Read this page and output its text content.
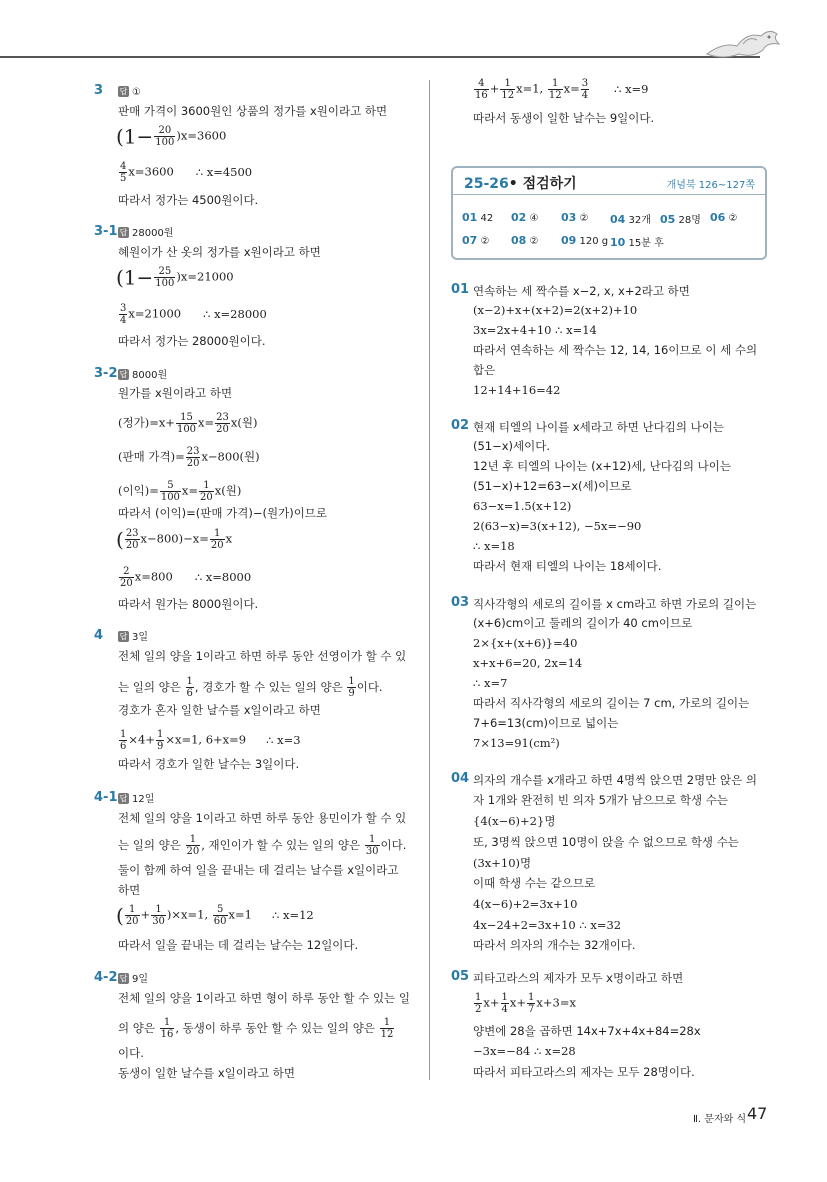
3 답 ①
판매 가격이 3600원인 상품의 정가를 x원이라고 하면
$(1- \frac{20}{100} )x=3600$
$\frac{4}{5} x=3600$ ∴ x=4500
따라서 정가는 4500원이다.
3-1 답 28000원
혜원이가 산 옷의 정가를 x원이라고 하면
$(1- \frac{25}{100} )x=21000$
$\frac{3}{4} x=21000$ ∴ x=28000
따라서 정가는 28000원이다.
3-2 답 8000원
원가를 x원이라고 하면
(정가)$=x+ \frac{15}{100} x= \frac{23}{20} x$(원)
(판매 가격)= $\frac{23}{20} x-800$(원)
(이익)= $\frac{5}{100} x= \frac{1}{20} x$(원)
따라서 (이익)=(판매 가격)−(원가)이므로
( $\frac{23}{20} x-800)-x= \frac{1}{20}$ x
$\frac{2}{20} x=800$ ∴ x=8000
따라서 원가는 8000원이다.
4 답 3일
전체 일의 양을 1이라고 하면 하루 동안 선영이가 할 수 있
는 일의 양은 $\frac{1}{6}$ , 경호가 할 수 있는 일의 양은 $\frac{1}{9}$ 이다.
경호가 혼자 일한 날수를 x일이라고 하면
$\frac{1}{6} \times 4+ \frac{1}{9} \times x=1$, 6+x=9 ∴ x=3
따라서 경호가 일한 날수는 3일이다.
4-1 답 12일
전체 일의 양을 1이라고 하면 하루 동안 용민이가 할 수 있
는 일의 양은 $\frac{1}{20}$ , 재인이가 할 수 있는 일의 양은 $\frac{1}{30}$ 이다.
둘이 함께 하여 일을 끝내는 데 걸리는 날수를 x일이라고
하면
( $\frac{1}{20} + \frac{1}{30} )\times x=1$, $\frac{5}{60} x=1$ ∴ x=12
따라서 일을 끝내는 데 걸리는 날수는 12일이다.
4-2 답 9일
전체 일의 양을 1이라고 하면 형이 하루 동안 할 수 있는 일
의 양은 $\frac{1}{16}$ , 동생이 하루 동안 할 수 있는 일의 양은 $\frac{1}{12}$
이다.
동생이 일한 날수를 x일이라고 하면
$\frac{4}{16} + \frac{1}{12} x=1$, $\frac{1}{12} x= \frac{3}{4}$ ∴ x=9
따라서 동생이 일한 날수는 9일이다.
25-26• 점검하기	개념북 126~127쪽
01 42 02 ④ 03 ② 04 32개 05 28명 06 ②
07 ② 08 ② 09 120 g 10 15분 후
01 연속하는 세 짝수를 x−2, x, x+2라고 하면
(x−2)+x+(x+2)=2(x+2)+10
3x=2x+4+10 ∴ x=14
따라서 연속하는 세 짝수는 12, 14, 16이므로 이 세 수의
합은
12+14+16=42
02 현재 티엘의 나이를 x세라고 하면 난다김의 나이는
(51−x)세이다.
12년 후 티엘의 나이는 (x+12)세, 난다김의 나이는
(51−x)+12=63−x(세)이므로
63−x=1.5(x+12)
2(63−x)=3(x+12), −5x=−90
∴ x=18
따라서 현재 티엘의 나이는 18세이다.
03 직사각형의 세로의 길이를 x cm라고 하면 가로의 길이는
(x+6)cm이고 둘레의 길이가 40 cm이므로
2×{x+(x+6)}=40
x+x+6=20, 2x=14
∴ x=7
따라서 직사각형의 세로의 길이는 7 cm, 가로의 길이는
7+6=13(cm)이므로 넓이는
7×13=91(cm²)
04 의자의 개수를 x개라고 하면 4명씩 앉으면 2명만 앉은 의
자 1개와 완전히 빈 의자 5개가 남으므로 학생 수는
{4(x−6)+2}명
또, 3명씩 앉으면 10명이 앉을 수 없으므로 학생 수는
(3x+10)명
이때 학생 수는 같으므로
4(x−6)+2=3x+10
4x−24+2=3x+10 ∴ x=32
따라서 의자의 개수는 32개이다.
05 피타고라스의 제자가 모두 x명이라고 하면
$\frac{1}{2} x+ \frac{1}{4} x+ \frac{1}{7} x+3=x$
양변에 28을 곱하면 14x+7x+4x+84=28x
−3x=−84 ∴ x=28
따라서 피타고라스의 제자는 모두 28명이다.
Ⅱ. 문자와 식 47
